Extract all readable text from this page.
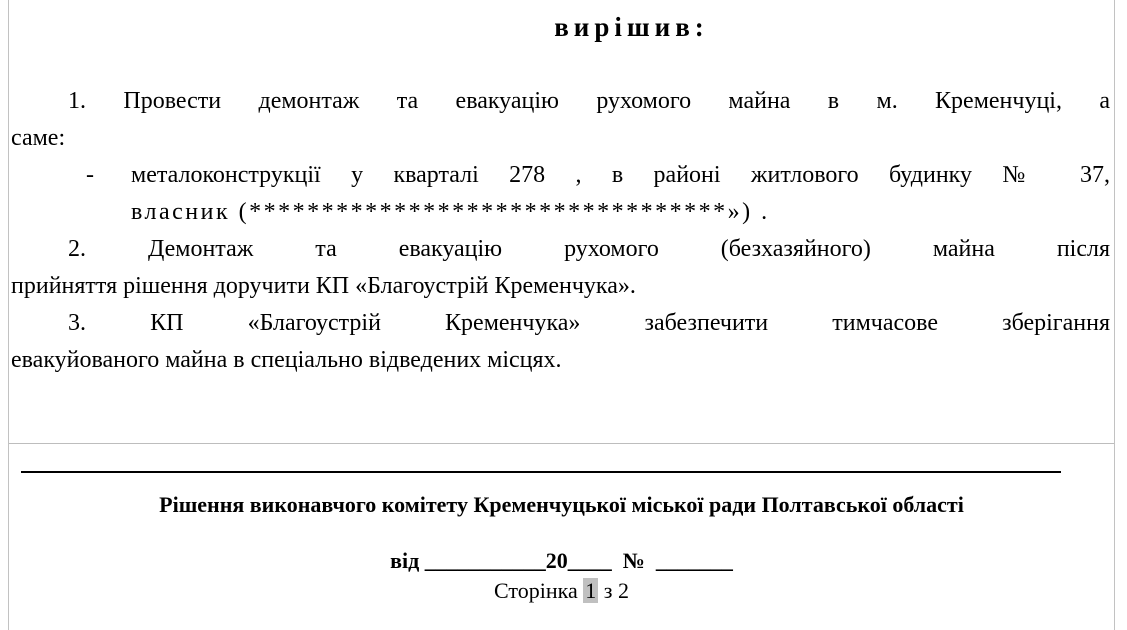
вирішив:
1. Провести демонтаж та евакуацію рухомого майна в м. Кременчуці, а
саме:
- металоконструкції у кварталі 278 , в районі житлового будинку № 37,
власник (*********************************») .
2. Демонтаж та евакуацію рухомого (безхазяйного) майна після
прийняття рішення доручити КП «Благоустрій Кременчука».
3. КП «Благоустрій Кременчука» забезпечити тимчасове зберігання
евакуйованого майна в спеціально відведених місцях.
Рішення виконавчого комітету Кременчуцької міської ради Полтавської області
від ___________20____  №  _______
Сторінка 1 з 2
